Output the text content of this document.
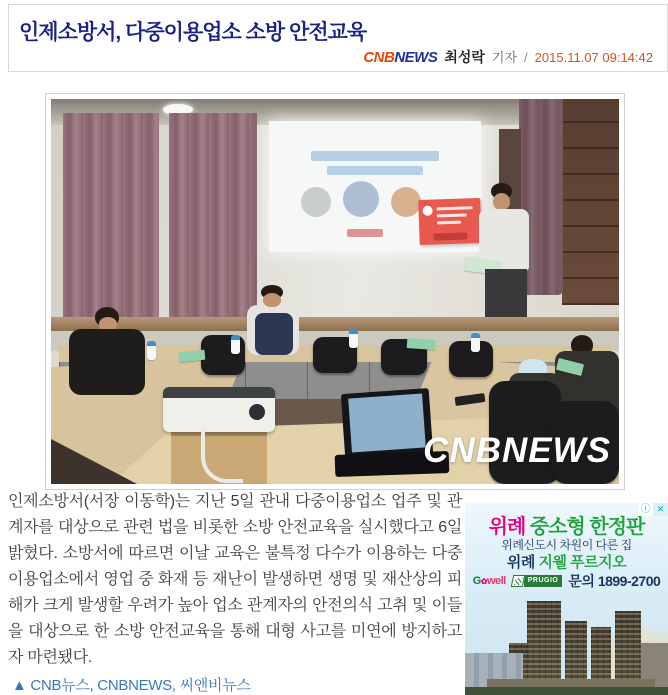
인제소방서, 다중이용업소 소방 안전교육
CNBNEWS 최성락 기자 / 2015.11.07 09:14:42
CNBNEWS
인제소방서(서장 이동학)는 지난 5일 관내 다중이용업소 업주 및 관계자를 대상으로 관련 법을 비롯한 소방 안전교육을 실시했다고 6일 밝혔다. 소방서에 따르면 이날 교육은 불특정 다수가 이용하는 다중이용업소에서 영업 중 화재 등 재난이 발생하면 생명 및 재산상의 피해가 크게 발생할 우려가 높아 업소 관계자의 안전의식 고취 및 이들을 대상으로 한 소방 안전교육을 통해 대형 사고를 미연에 방지하고자 마련됐다.
위례 중소형 한정판
위례신도시 차원이 다른 집
위례 지웰 푸르지오
G✿well	PRUGIO 문의 1899-2700
ⓘ ✕
▲ CNB뉴스, CNBNEWS, 씨앤비뉴스
